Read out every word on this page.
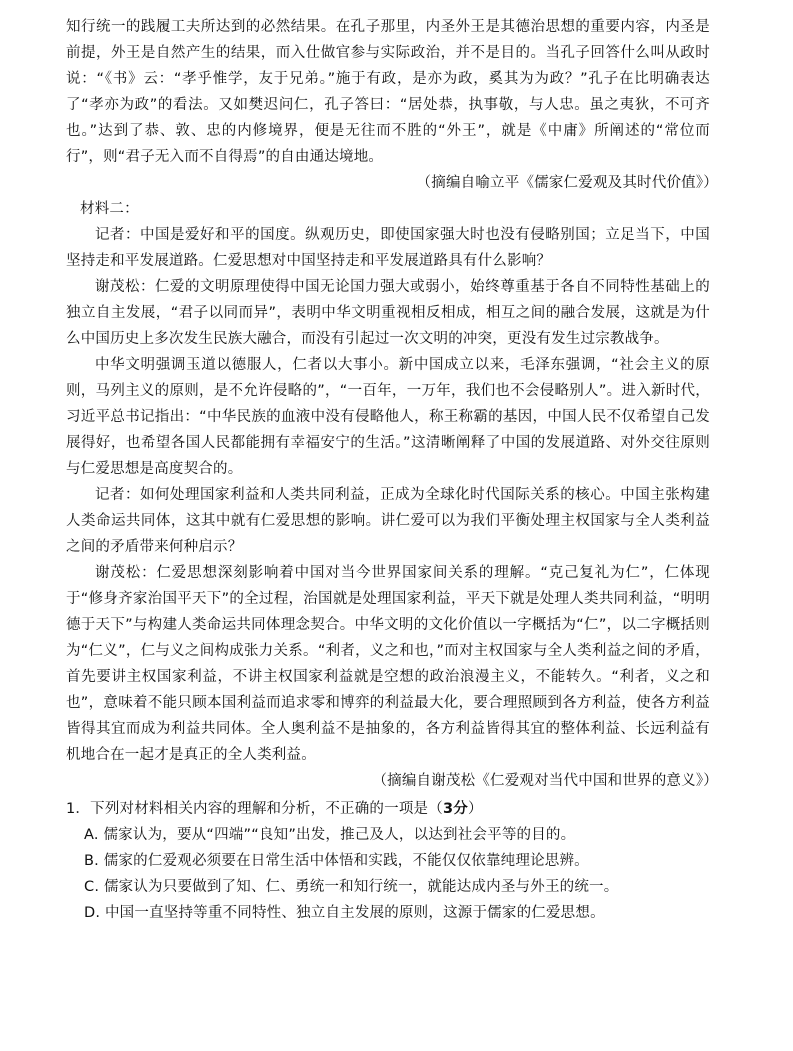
知行统一的践履工夫所达到的必然结果。在孔子那里，内圣外王是其德治思想的重要内容，内圣是前提，外王是自然产生的结果，而入仕做官参与实际政治，并不是目的。当孔子回答什么叫从政时说：“《书》云：“孝乎惟学，友于兄弟。”施于有政，是亦为政，奚其为为政？”孔子在比明确表达了“孝亦为政”的看法。又如樊迟问仁，孔子答曰：“居处恭，执事敬，与人忠。虽之夷狄，不可齐也。”达到了恭、敦、忠的内修境界，便是无往而不胜的“外王”，就是《中庸》所阐述的“常位而行”，则“君子无入而不自得焉”的自由通达境地。

（摘编自喻立平《儒家仁爱观及其时代价值》）

材料二：

记者：中国是爱好和平的国度。纵观历史，即使国家强大时也没有侵略别国；立足当下，中国坚持走和平发展道路。仁爱思想对中国坚持走和平发展道路具有什么影响？

谢茂松：仁爱的文明原理使得中国无论国力强大或弱小，始终尊重基于各自不同特性基础上的独立自主发展，“君子以同而异”，表明中华文明重视相反相成，相互之间的融合发展，这就是为什么中国历史上多次发生民族大融合，而没有引起过一次文明的冲突，更没有发生过宗教战争。

中华文明强调玉道以德服人，仁者以大事小。新中国成立以来，毛泽东强调，“社会主义的原则，马列主义的原则，是不允许侵略的”，“一百年，一万年，我们也不会侵略别人”。进入新时代，习近平总书记指出：“中华民族的血液中没有侵略他人，称王称霸的基因，中国人民不仅希望自己发展得好，也希望各国人民都能拥有幸福安宁的生活。”这清晰阐释了中国的发展道路、对外交往原则与仁爱思想是高度契合的。

记者：如何处理国家利益和人类共同利益，正成为全球化时代国际关系的核心。中国主张构建人类命运共同体，这其中就有仁爱思想的影响。讲仁爱可以为我们平衡处理主权国家与全人类利益之间的矛盾带来何种启示？

谢茂松：仁爱思想深刻影响着中国对当今世界国家间关系的理解。“克己复礼为仁”，仁体现于“修身齐家治国平天下”的全过程，治国就是处理国家利益，平天下就是处理人类共同利益，“明明德于天下”与构建人类命运共同体理念契合。中华文明的文化价值以一字概括为“仁”，以二字概括则为“仁义”，仁与义之间构成张力关系。“利者，义之和也，”而对主权国家与全人类利益之间的矛盾，首先要讲主权国家利益，不讲主权国家利益就是空想的政治浪漫主义，不能转久。“利者，义之和也”，意味着不能只顾本国利益而追求零和博弈的利益最大化，要合理照顾到各方利益，使各方利益皆得其宜而成为利益共同体。全人奥利益不是抽象的，各方利益皆得其宜的整体利益、长远利益有机地合在一起才是真正的全人类利益。

（摘编自谢茂松《仁爱观对当代中国和世界的意义》）

1．下列对材料相关内容的理解和分析，不正确的一项是（3分）

A. 儒家认为，要从“四端”“良知”出发，推己及人，以达到社会平等的目的。

B. 儒家的仁爱观必须要在日常生活中体悟和实践，不能仅仅依靠纯理论思辨。

C. 儒家认为只要做到了知、仁、勇统一和知行统一，就能达成内圣与外王的统一。

D. 中国一直坚持等重不同特性、独立自主发展的原则，这源于儒家的仁爱思想。
